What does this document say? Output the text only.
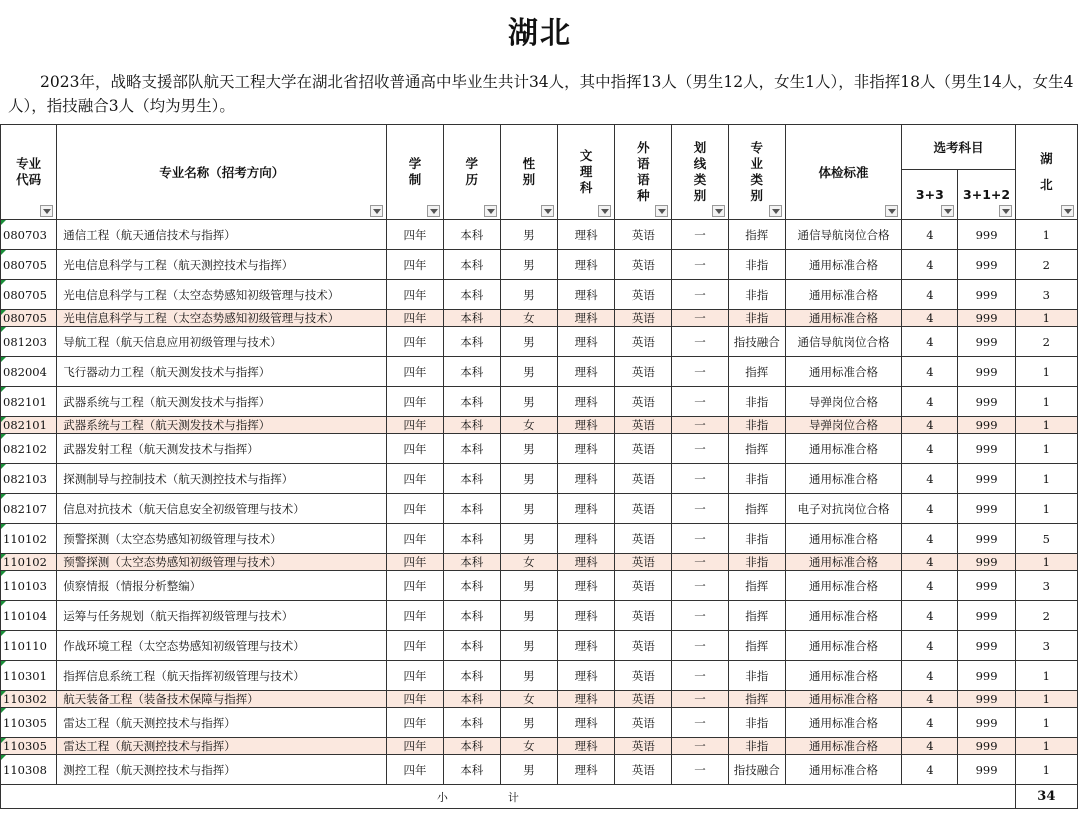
湖北
2023年，战略支援部队航天工程大学在湖北省招收普通高中毕业生共计34人，其中指挥13人（男生12人，女生1人），非指挥18人（男生14人，女生4人），指技融合3人（均为男生）。
专业代码	专业名称（招考方向）	学制	学历	性别	文理科	外语语种	划线类别	专业类别	体检标准	选考科目		湖北

										3+3	3+1+2	

080703	通信工程（航天通信技术与指挥）	四年	本科	男	理科	英语	一	指挥	通信导航岗位合格	4	999	1
080705	光电信息科学与工程（航天测控技术与指挥）	四年	本科	男	理科	英语	一	非指	通用标准合格	4	999	2
080705	光电信息科学与工程（太空态势感知初级管理与技术）	四年	本科	男	理科	英语	一	非指	通用标准合格	4	999	3
080705	光电信息科学与工程（太空态势感知初级管理与技术）	四年	本科	女	理科	英语	一	非指	通用标准合格	4	999	1
081203	导航工程（航天信息应用初级管理与技术）	四年	本科	男	理科	英语	一	指技融合	通信导航岗位合格	4	999	2
082004	飞行器动力工程（航天测发技术与指挥）	四年	本科	男	理科	英语	一	指挥	通用标准合格	4	999	1
082101	武器系统与工程（航天测发技术与指挥）	四年	本科	男	理科	英语	一	非指	导弹岗位合格	4	999	1
082101	武器系统与工程（航天测发技术与指挥）	四年	本科	女	理科	英语	一	非指	导弹岗位合格	4	999	1
082102	武器发射工程（航天测发技术与指挥）	四年	本科	男	理科	英语	一	指挥	通用标准合格	4	999	1
082103	探测制导与控制技术（航天测控技术与指挥）	四年	本科	男	理科	英语	一	非指	通用标准合格	4	999	1
082107	信息对抗技术（航天信息安全初级管理与技术）	四年	本科	男	理科	英语	一	指挥	电子对抗岗位合格	4	999	1
110102	预警探测（太空态势感知初级管理与技术）	四年	本科	男	理科	英语	一	非指	通用标准合格	4	999	5
110102	预警探测（太空态势感知初级管理与技术）	四年	本科	女	理科	英语	一	非指	通用标准合格	4	999	1
110103	侦察情报（情报分析整编）	四年	本科	男	理科	英语	一	指挥	通用标准合格	4	999	3
110104	运筹与任务规划（航天指挥初级管理与技术）	四年	本科	男	理科	英语	一	指挥	通用标准合格	4	999	2
110110	作战环境工程（太空态势感知初级管理与技术）	四年	本科	男	理科	英语	一	指挥	通用标准合格	4	999	3
110301	指挥信息系统工程（航天指挥初级管理与技术）	四年	本科	男	理科	英语	一	非指	通用标准合格	4	999	1
110302	航天装备工程（装备技术保障与指挥）	四年	本科	女	理科	英语	一	指挥	通用标准合格	4	999	1
110305	雷达工程（航天测控技术与指挥）	四年	本科	男	理科	英语	一	非指	通用标准合格	4	999	1
110305	雷达工程（航天测控技术与指挥）	四年	本科	女	理科	英语	一	非指	通用标准合格	4	999	1
110308	测控工程（航天测控技术与指挥）	四年	本科	男	理科	英语	一	指技融合	通用标准合格	4	999	1
小计												34
